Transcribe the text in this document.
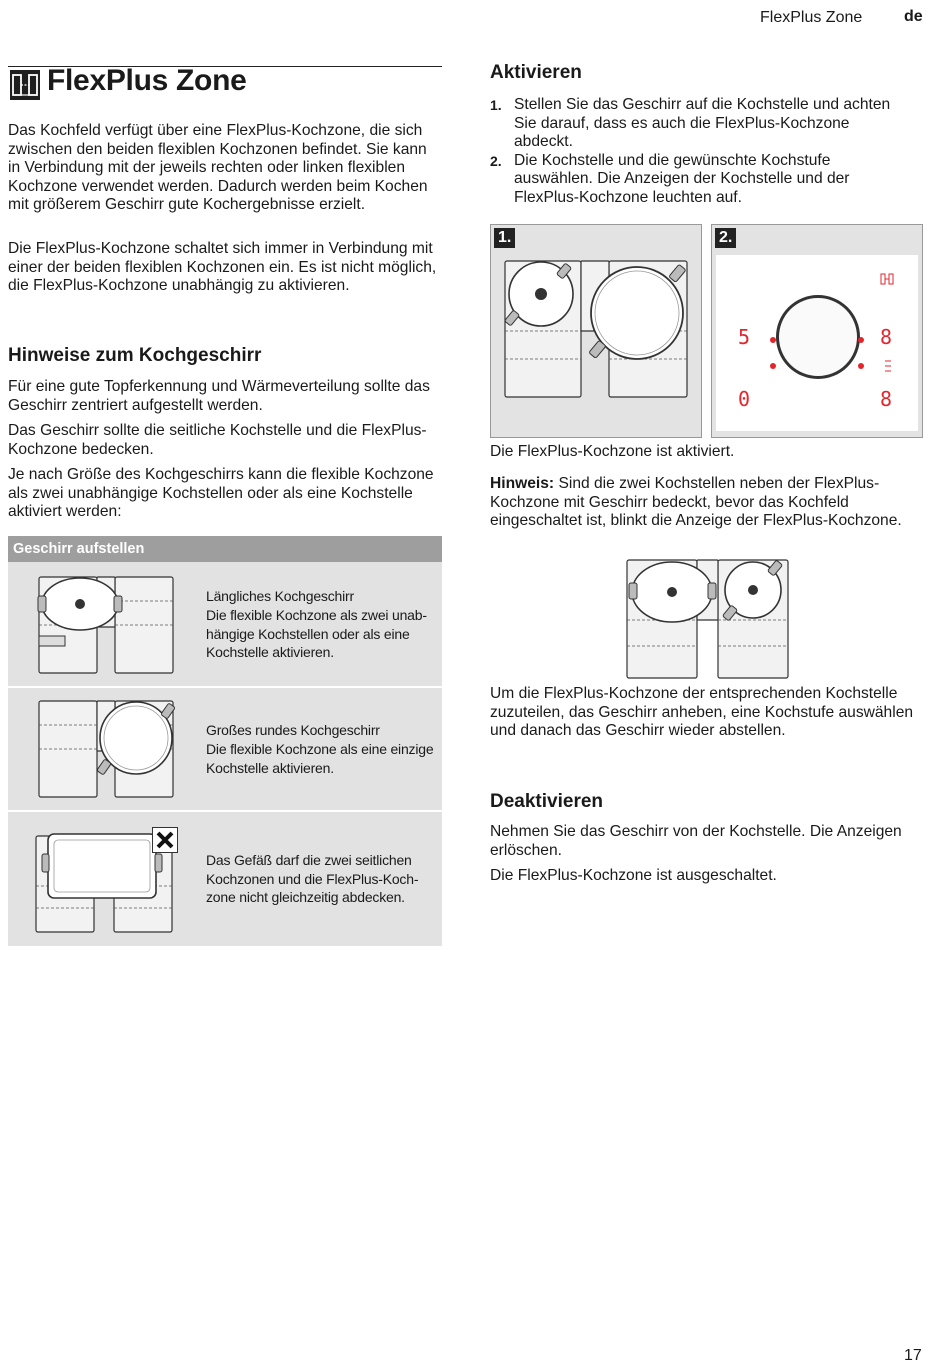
FlexPlus Zone	de
FlexPlus Zone
Das Kochfeld verfügt über eine FlexPlus-Kochzone, die sich zwischen den beiden flexiblen Kochzonen befindet. Sie kann in Verbindung mit der jeweils rechten oder linken flexiblen Kochzone verwendet werden. Dadurch werden beim Kochen mit größerem Geschirr gute Kochergebnisse erzielt.
Die FlexPlus-Kochzone schaltet sich immer in Verbindung mit einer der beiden flexiblen Kochzonen ein. Es ist nicht möglich, die FlexPlus-Kochzone unabhängig zu aktivieren.
Hinweise zum Kochgeschirr
Für eine gute Topferkennung und Wärmeverteilung sollte das Geschirr zentriert aufgestellt werden.
Das Geschirr sollte die seitliche Kochstelle und die FlexPlus-Kochzone bedecken.
Je nach Größe des Kochgeschirrs kann die flexible Kochzone als zwei unabhängige Kochstellen oder als eine Kochstelle aktiviert werden:
Geschirr aufstellen
Längliches Kochgeschirr
Die flexible Kochzone als zwei unab- hängige Kochstellen oder als eine Kochstelle aktivieren.
Großes rundes Kochgeschirr
Die flexible Kochzone als eine einzige Kochstelle aktivieren.
Das Gefäß darf die zwei seitlichen Kochzonen und die FlexPlus-Koch- zone nicht gleichzeitig abdecken.
Aktivieren
1. Stellen Sie das Geschirr auf die Kochstelle und achten Sie darauf, dass es auch die FlexPlus-Kochzone abdeckt.
2. Die Kochstelle und die gewünschte Kochstufe auswählen. Die Anzeigen der Kochstelle und der FlexPlus-Kochzone leuchten auf.
1.	2.
5	8
0	8
Die FlexPlus-Kochzone ist aktiviert.
Hinweis: Sind die zwei Kochstellen neben der FlexPlus-Kochzone mit Geschirr bedeckt, bevor das Kochfeld eingeschaltet ist, blinkt die Anzeige der FlexPlus-Kochzone.
Um die FlexPlus-Kochzone der entsprechenden Kochstelle zuzuteilen, das Geschirr anheben, eine Kochstufe auswählen und danach das Geschirr wieder abstellen.
Deaktivieren
Nehmen Sie das Geschirr von der Kochstelle. Die Anzeigen erlöschen.
Die FlexPlus-Kochzone ist ausgeschaltet.
17
